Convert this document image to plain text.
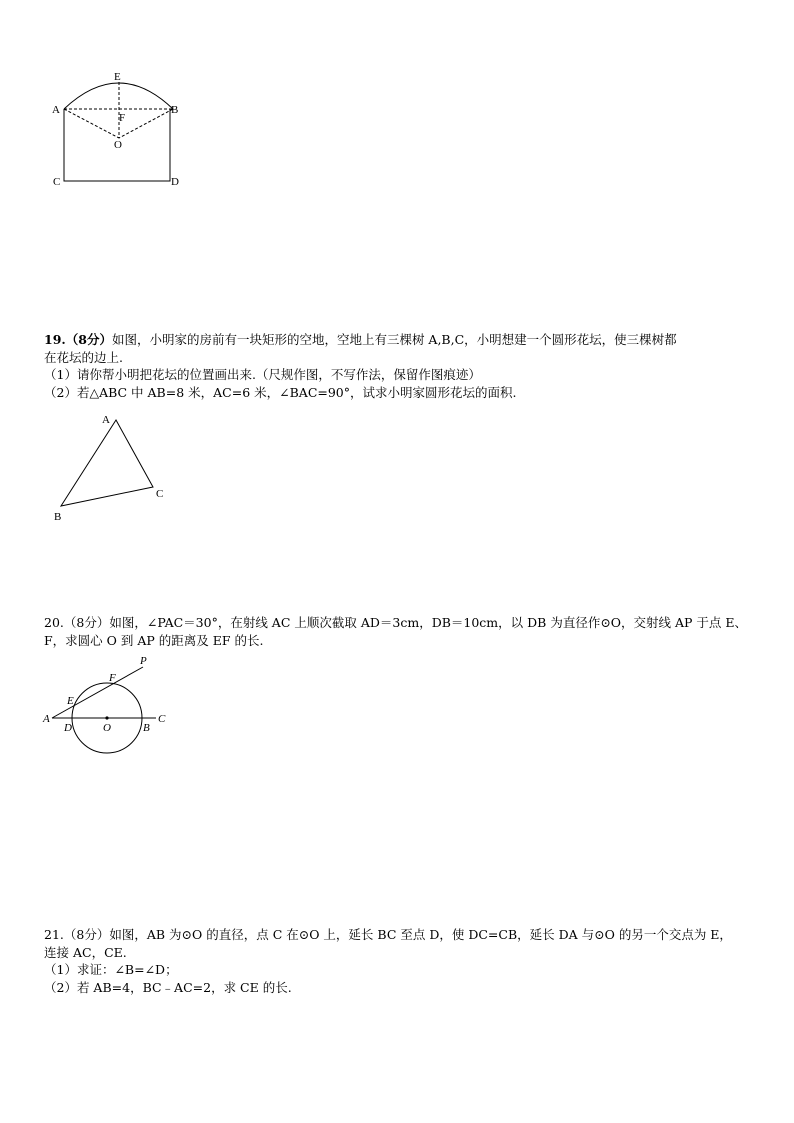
E
A	B
F
O
C	D
19.（8分）如图，小明家的房前有一块矩形的空地，空地上有三棵树 A,B,C，小明想建一个圆形花坛，使三棵树都
在花坛的边上.
（1）请你帮小明把花坛的位置画出来.（尺规作图，不写作法，保留作图痕迹）
（2）若△ABC 中 AB=8 米，AC=6 米，∠BAC=90°，试求小明家圆形花坛的面积.
A
B
C
20.（8分）如图，∠PAC＝30°，在射线 AC 上顺次截取 AD＝3cm，DB＝10cm，以 DB 为直径作⊙O，交射线 AP 于点 E、
F，求圆心 O 到 AP 的距离及 EF 的长.
P
F
E
A
D	O	B
C
21.（8分）如图，AB 为⊙O 的直径，点 C 在⊙O 上，延长 BC 至点 D，使 DC=CB，延长 DA 与⊙O 的另一个交点为 E，
连接 AC，CE.
（1）求证：∠B=∠D；
（2）若 AB=4，BC﹣AC=2，求 CE 的长.
